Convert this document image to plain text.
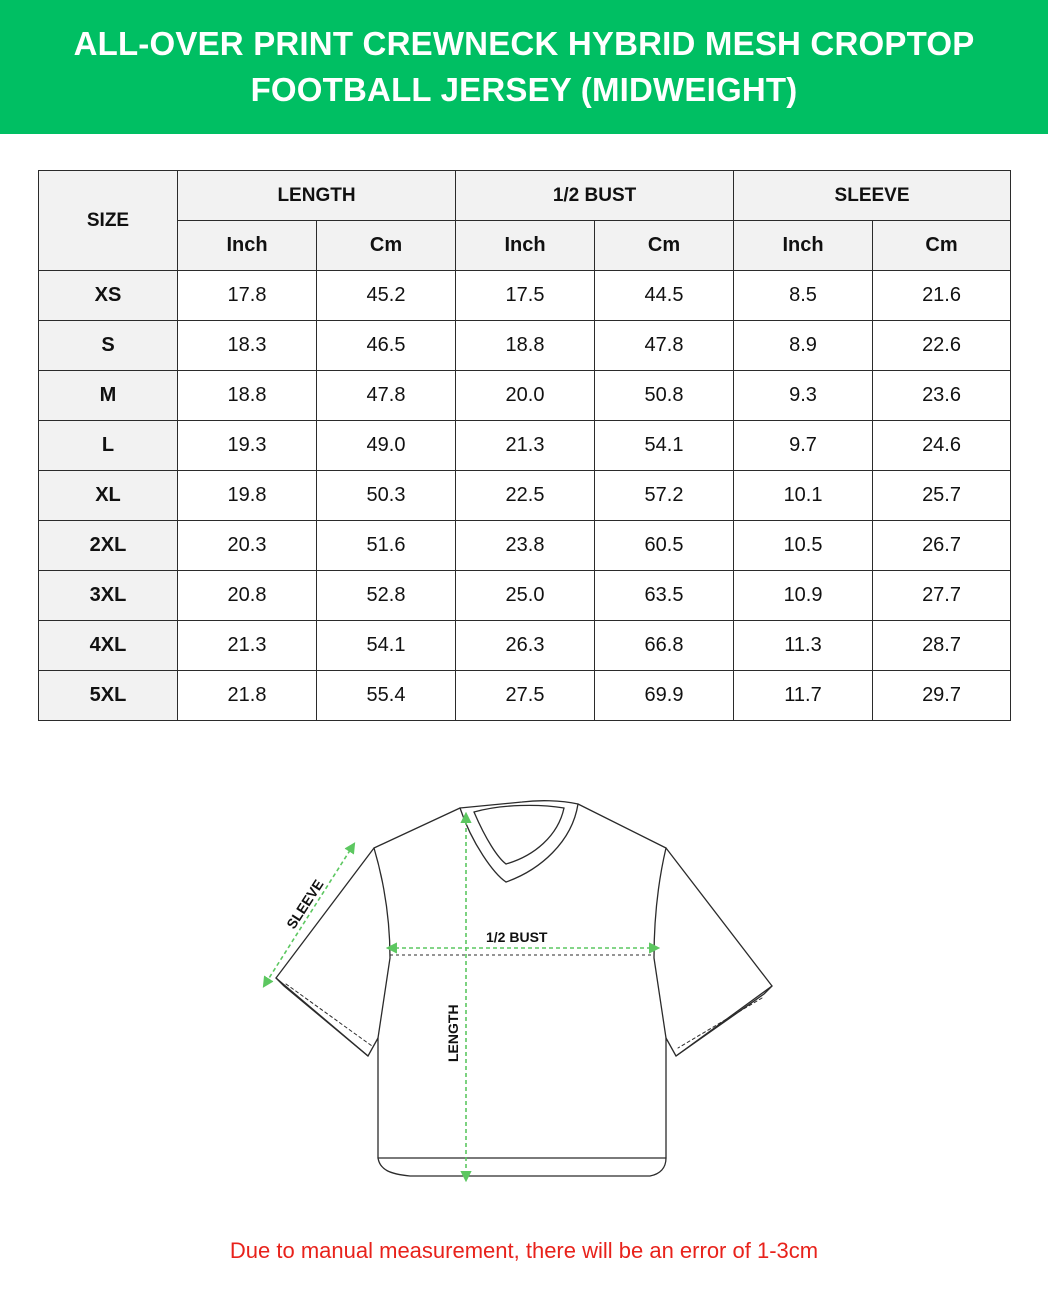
ALL-OVER PRINT CREWNECK HYBRID MESH CROPTOP
FOOTBALL JERSEY (MIDWEIGHT)
SIZE	LENGTH		1/2 BUST		SLEEVE	
	Inch	Cm	Inch	Cm	Inch	Cm
XS	17.8	45.2	17.5	44.5	8.5	21.6
S	18.3	46.5	18.8	47.8	8.9	22.6
M	18.8	47.8	20.0	50.8	9.3	23.6
L	19.3	49.0	21.3	54.1	9.7	24.6
XL	19.8	50.3	22.5	57.2	10.1	25.7
2XL	20.3	51.6	23.8	60.5	10.5	26.7
3XL	20.8	52.8	25.0	63.5	10.9	27.7
4XL	21.3	54.1	26.3	66.8	11.3	28.7
5XL	21.8	55.4	27.5	69.9	11.7	29.7
SLEEVE
1/2 BUST
LENGTH
Due to manual measurement, there will be an error of 1-3cm
